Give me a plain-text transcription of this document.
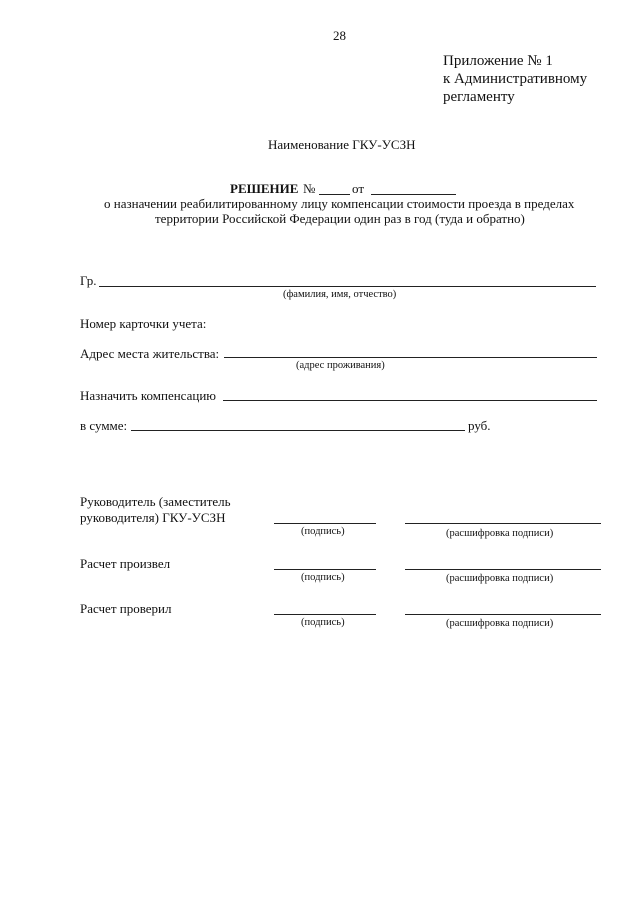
28
Приложение № 1
к Административному
регламенту
Наименование ГКУ-УСЗН
РЕШЕНИЕ №	от
о назначении реабилитированному лицу компенсации стоимости проезда в пределах
территории Российской Федерации один раз в год (туда и обратно)
Гр.
(фамилия, имя, отчество)
Номер карточки учета:
Адрес места жительства:
(адрес проживания)
Назначить компенсацию
в сумме:	руб.
Руководитель (заместитель
руководителя) ГКУ-УСЗН
(подпись)	(расшифровка подписи)
Расчет произвел
(подпись)	(расшифровка подписи)
Расчет проверил
(подпись)	(расшифровка подписи)
